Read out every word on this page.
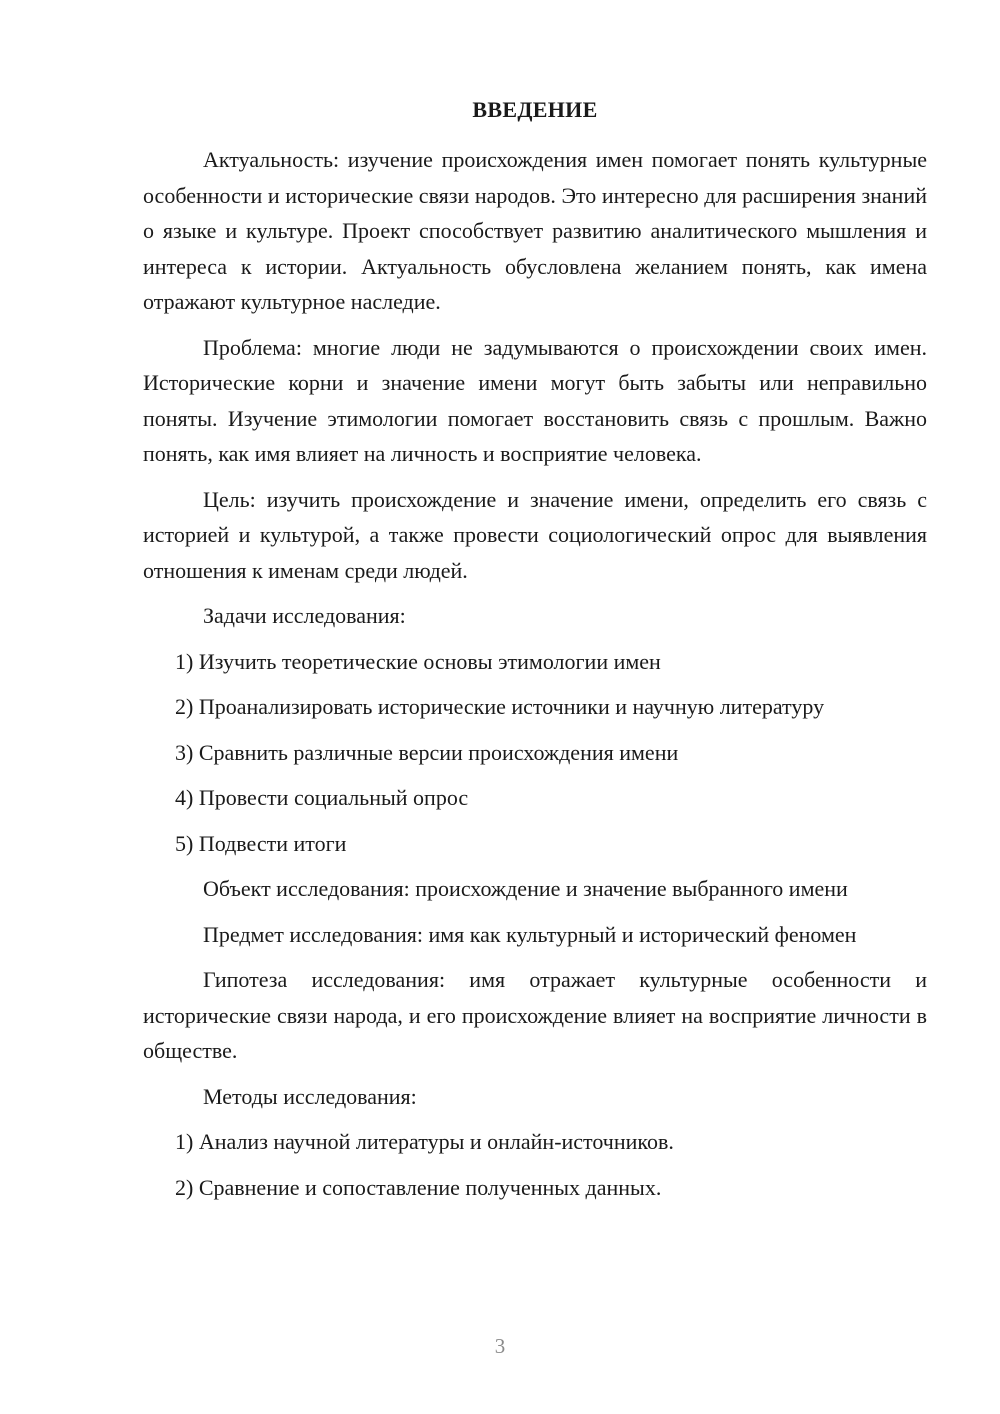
ВВЕДЕНИЕ

Актуальность: изучение происхождения имен помогает понять культурные особенности и исторические связи народов. Это интересно для расширения знаний о языке и культуре. Проект способствует развитию аналитического мышления и интереса к истории. Актуальность обусловлена желанием понять, как имена отражают культурное наследие.

Проблема: многие люди не задумываются о происхождении своих имен. Исторические корни и значение имени могут быть забыты или неправильно поняты. Изучение этимологии помогает восстановить связь с прошлым. Важно понять, как имя влияет на личность и восприятие человека.

Цель: изучить происхождение и значение имени, определить его связь с историей и культурой, а также провести социологический опрос для выявления отношения к именам среди людей.

Задачи исследования:

1) Изучить теоретические основы этимологии имен

2) Проанализировать исторические источники и научную литературу

3) Сравнить различные версии происхождения имени

4) Провести социальный опрос

5) Подвести итоги

Объект исследования: происхождение и значение выбранного имени

Предмет исследования: имя как культурный и исторический феномен

Гипотеза исследования: имя отражает культурные особенности и исторические связи народа, и его происхождение влияет на восприятие личности в обществе.

Методы исследования:

1) Анализ научной литературы и онлайн-источников.

2) Сравнение и сопоставление полученных данных.

3
